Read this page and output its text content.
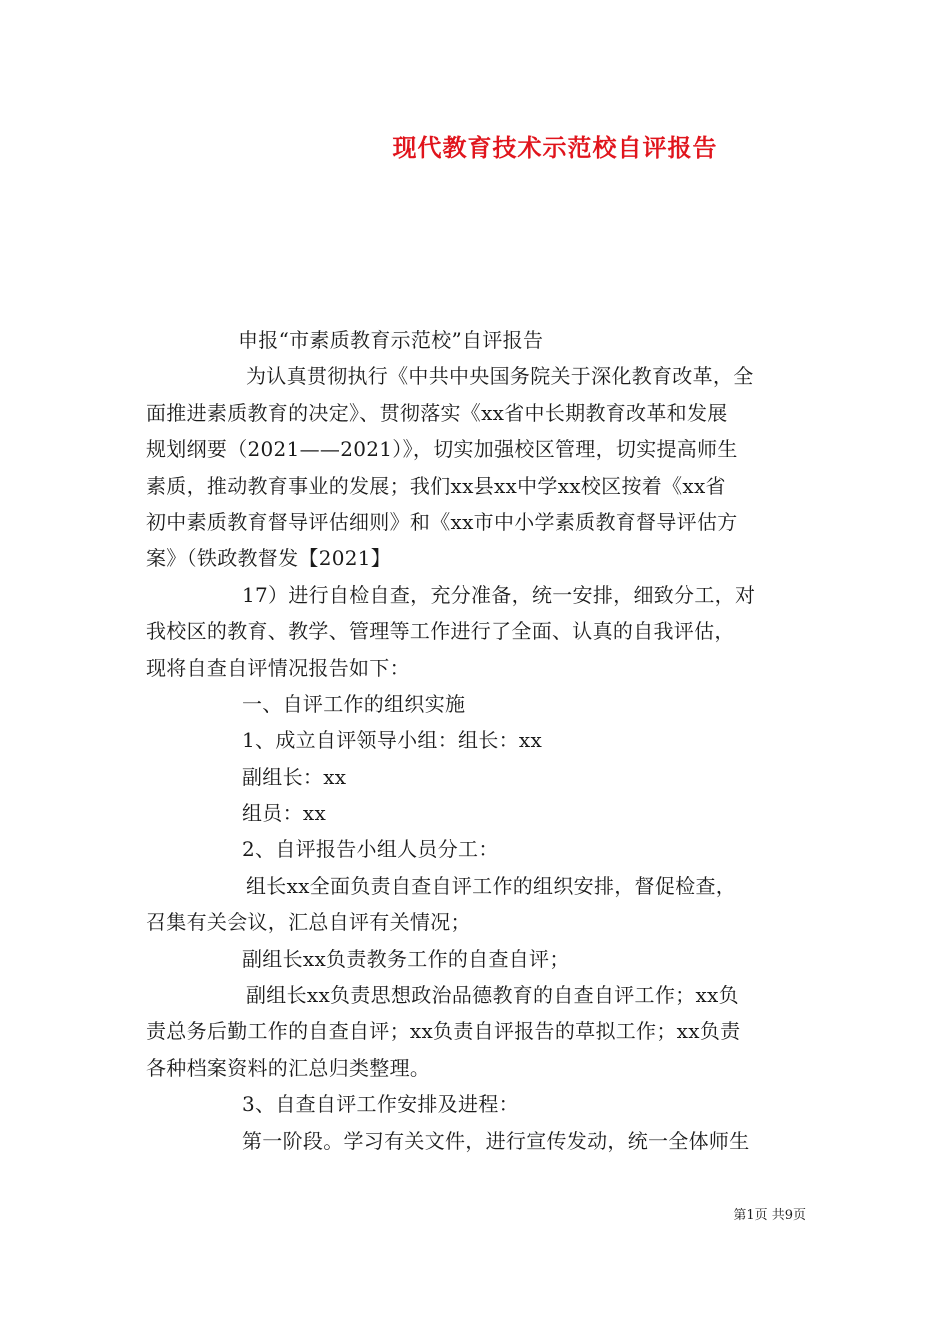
现代教育技术示范校自评报告
申报“市素质教育示范校”自评报告
为认真贯彻执行《中共中央国务院关于深化教育改革，全
面推进素质教育的决定》、贯彻落实《xx省中长期教育改革和发展
规划纲要（2021——2021）》，切实加强校区管理，切实提高师生
素质，推动教育事业的发展；我们xx县xx中学xx校区按着《xx省
初中素质教育督导评估细则》和《xx市中小学素质教育督导评估方
案》（铁政教督发【2021】
17）进行自检自查，充分准备，统一安排，细致分工，对
我校区的教育、教学、管理等工作进行了全面、认真的自我评估，
现将自查自评情况报告如下：
一、自评工作的组织实施
1、成立自评领导小组：组长：xx
副组长：xx
组员：xx
2、自评报告小组人员分工：
组长xx全面负责自查自评工作的组织安排，督促检查，
召集有关会议，汇总自评有关情况；
副组长xx负责教务工作的自查自评；
副组长xx负责思想政治品德教育的自查自评工作；xx负
责总务后勤工作的自查自评；xx负责自评报告的草拟工作；xx负责
各种档案资料的汇总归类整理。
3、自查自评工作安排及进程：
第一阶段。学习有关文件，进行宣传发动，统一全体师生
第1页 共9页
